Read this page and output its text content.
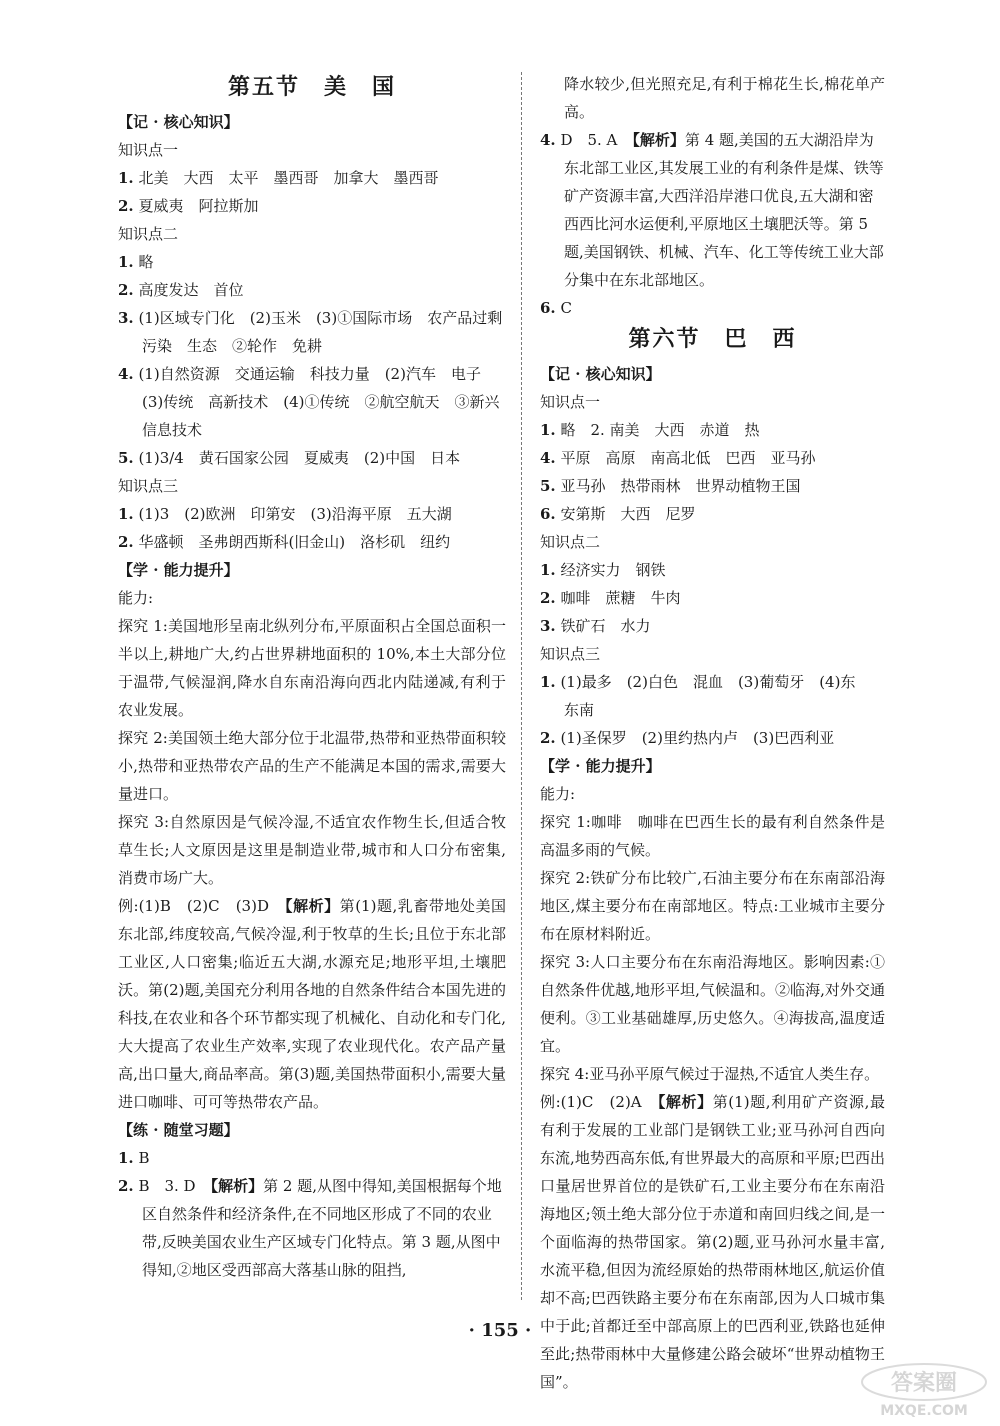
第五节　美　国

【记 · 核心知识】

知识点一

1. 北美　大西　太平　墨西哥　加拿大　墨西哥

2. 夏威夷　阿拉斯加

知识点二

1. 略

2. 高度发达　首位

3. (1)区域专门化　(2)玉米　(3)①国际市场　农产品过剩　污染　生态　②轮作　免耕

4. (1)自然资源　交通运输　科技力量　(2)汽车　电子　(3)传统　高新技术　(4)①传统　②航空航天　③新兴　信息技术

5. (1)3/4　黄石国家公园　夏威夷　(2)中国　日本

知识点三

1. (1)3　(2)欧洲　印第安　(3)沿海平原　五大湖

2. 华盛顿　圣弗朗西斯科(旧金山)　洛杉矶　纽约

【学 · 能力提升】

能力:

探究 1:美国地形呈南北纵列分布,平原面积占全国总面积一半以上,耕地广大,约占世界耕地面积的 10%,本土大部分位于温带,气候湿润,降水自东南沿海向西北内陆递减,有利于农业发展。

探究 2:美国领土绝大部分位于北温带,热带和亚热带面积较小,热带和亚热带农产品的生产不能满足本国的需求,需要大量进口。

探究 3:自然原因是气候冷湿,不适宜农作物生长,但适合牧草生长;人文原因是这里是制造业带,城市和人口分布密集,消费市场广大。

例:(1)B　(2)C　(3)D　【解析】第(1)题,乳畜带地处美国东北部,纬度较高,气候冷湿,利于牧草的生长;且位于东北部工业区,人口密集;临近五大湖,水源充足;地形平坦,土壤肥沃。第(2)题,美国充分利用各地的自然条件结合本国先进的科技,在农业和各个环节都实现了机械化、自动化和专门化,大大提高了农业生产效率,实现了农业现代化。农产品产量高,出口量大,商品率高。第(3)题,美国热带面积小,需要大量进口咖啡、可可等热带农产品。

【练 · 随堂习题】

1. B

2. B　3. D　【解析】第 2 题,从图中得知,美国根据每个地区自然条件和经济条件,在不同地区形成了不同的农业带,反映美国农业生产区域专门化特点。第 3 题,从图中得知,②地区受西部高大落基山脉的阻挡,

降水较少,但光照充足,有利于棉花生长,棉花单产高。

4. D　5. A　【解析】第 4 题,美国的五大湖沿岸为东北部工业区,其发展工业的有利条件是煤、铁等矿产资源丰富,大西洋沿岸港口优良,五大湖和密西西比河水运便利,平原地区土壤肥沃等。第 5 题,美国钢铁、机械、汽车、化工等传统工业大部分集中在东北部地区。

6. C

第六节　巴　西

【记 · 核心知识】

知识点一

1. 略　2. 南美　大西　赤道　热

4. 平原　高原　南高北低　巴西　亚马孙

5. 亚马孙　热带雨林　世界动植物王国

6. 安第斯　大西　尼罗

知识点二

1. 经济实力　钢铁

2. 咖啡　蔗糖　牛肉

3. 铁矿石　水力

知识点三

1. (1)最多　(2)白色　混血　(3)葡萄牙　(4)东　东南

2. (1)圣保罗　(2)里约热内卢　(3)巴西利亚

【学 · 能力提升】

能力:

探究 1:咖啡　咖啡在巴西生长的最有利自然条件是高温多雨的气候。

探究 2:铁矿分布比较广,石油主要分布在东南部沿海地区,煤主要分布在南部地区。特点:工业城市主要分布在原材料附近。

探究 3:人口主要分布在东南沿海地区。影响因素:①自然条件优越,地形平坦,气候温和。②临海,对外交通便利。③工业基础雄厚,历史悠久。④海拔高,温度适宜。

探究 4:亚马孙平原气候过于湿热,不适宜人类生存。

例:(1)C　(2)A　【解析】第(1)题,利用矿产资源,最有利于发展的工业部门是钢铁工业;亚马孙河自西向东流,地势西高东低,有世界最大的高原和平原;巴西出口量居世界首位的是铁矿石,工业主要分布在东南沿海地区;领土绝大部分位于赤道和南回归线之间,是一个面临海的热带国家。第(2)题,亚马孙河水量丰富,水流平稳,但因为流经原始的热带雨林地区,航运价值却不高;巴西铁路主要分布在东南部,因为人口城市集中于此;首都迁至中部高原上的巴西利亚,铁路也延伸至此;热带雨林中大量修建公路会破坏“世界动植物王国”。

· 155 ·
答案圈
MXQE.COM
